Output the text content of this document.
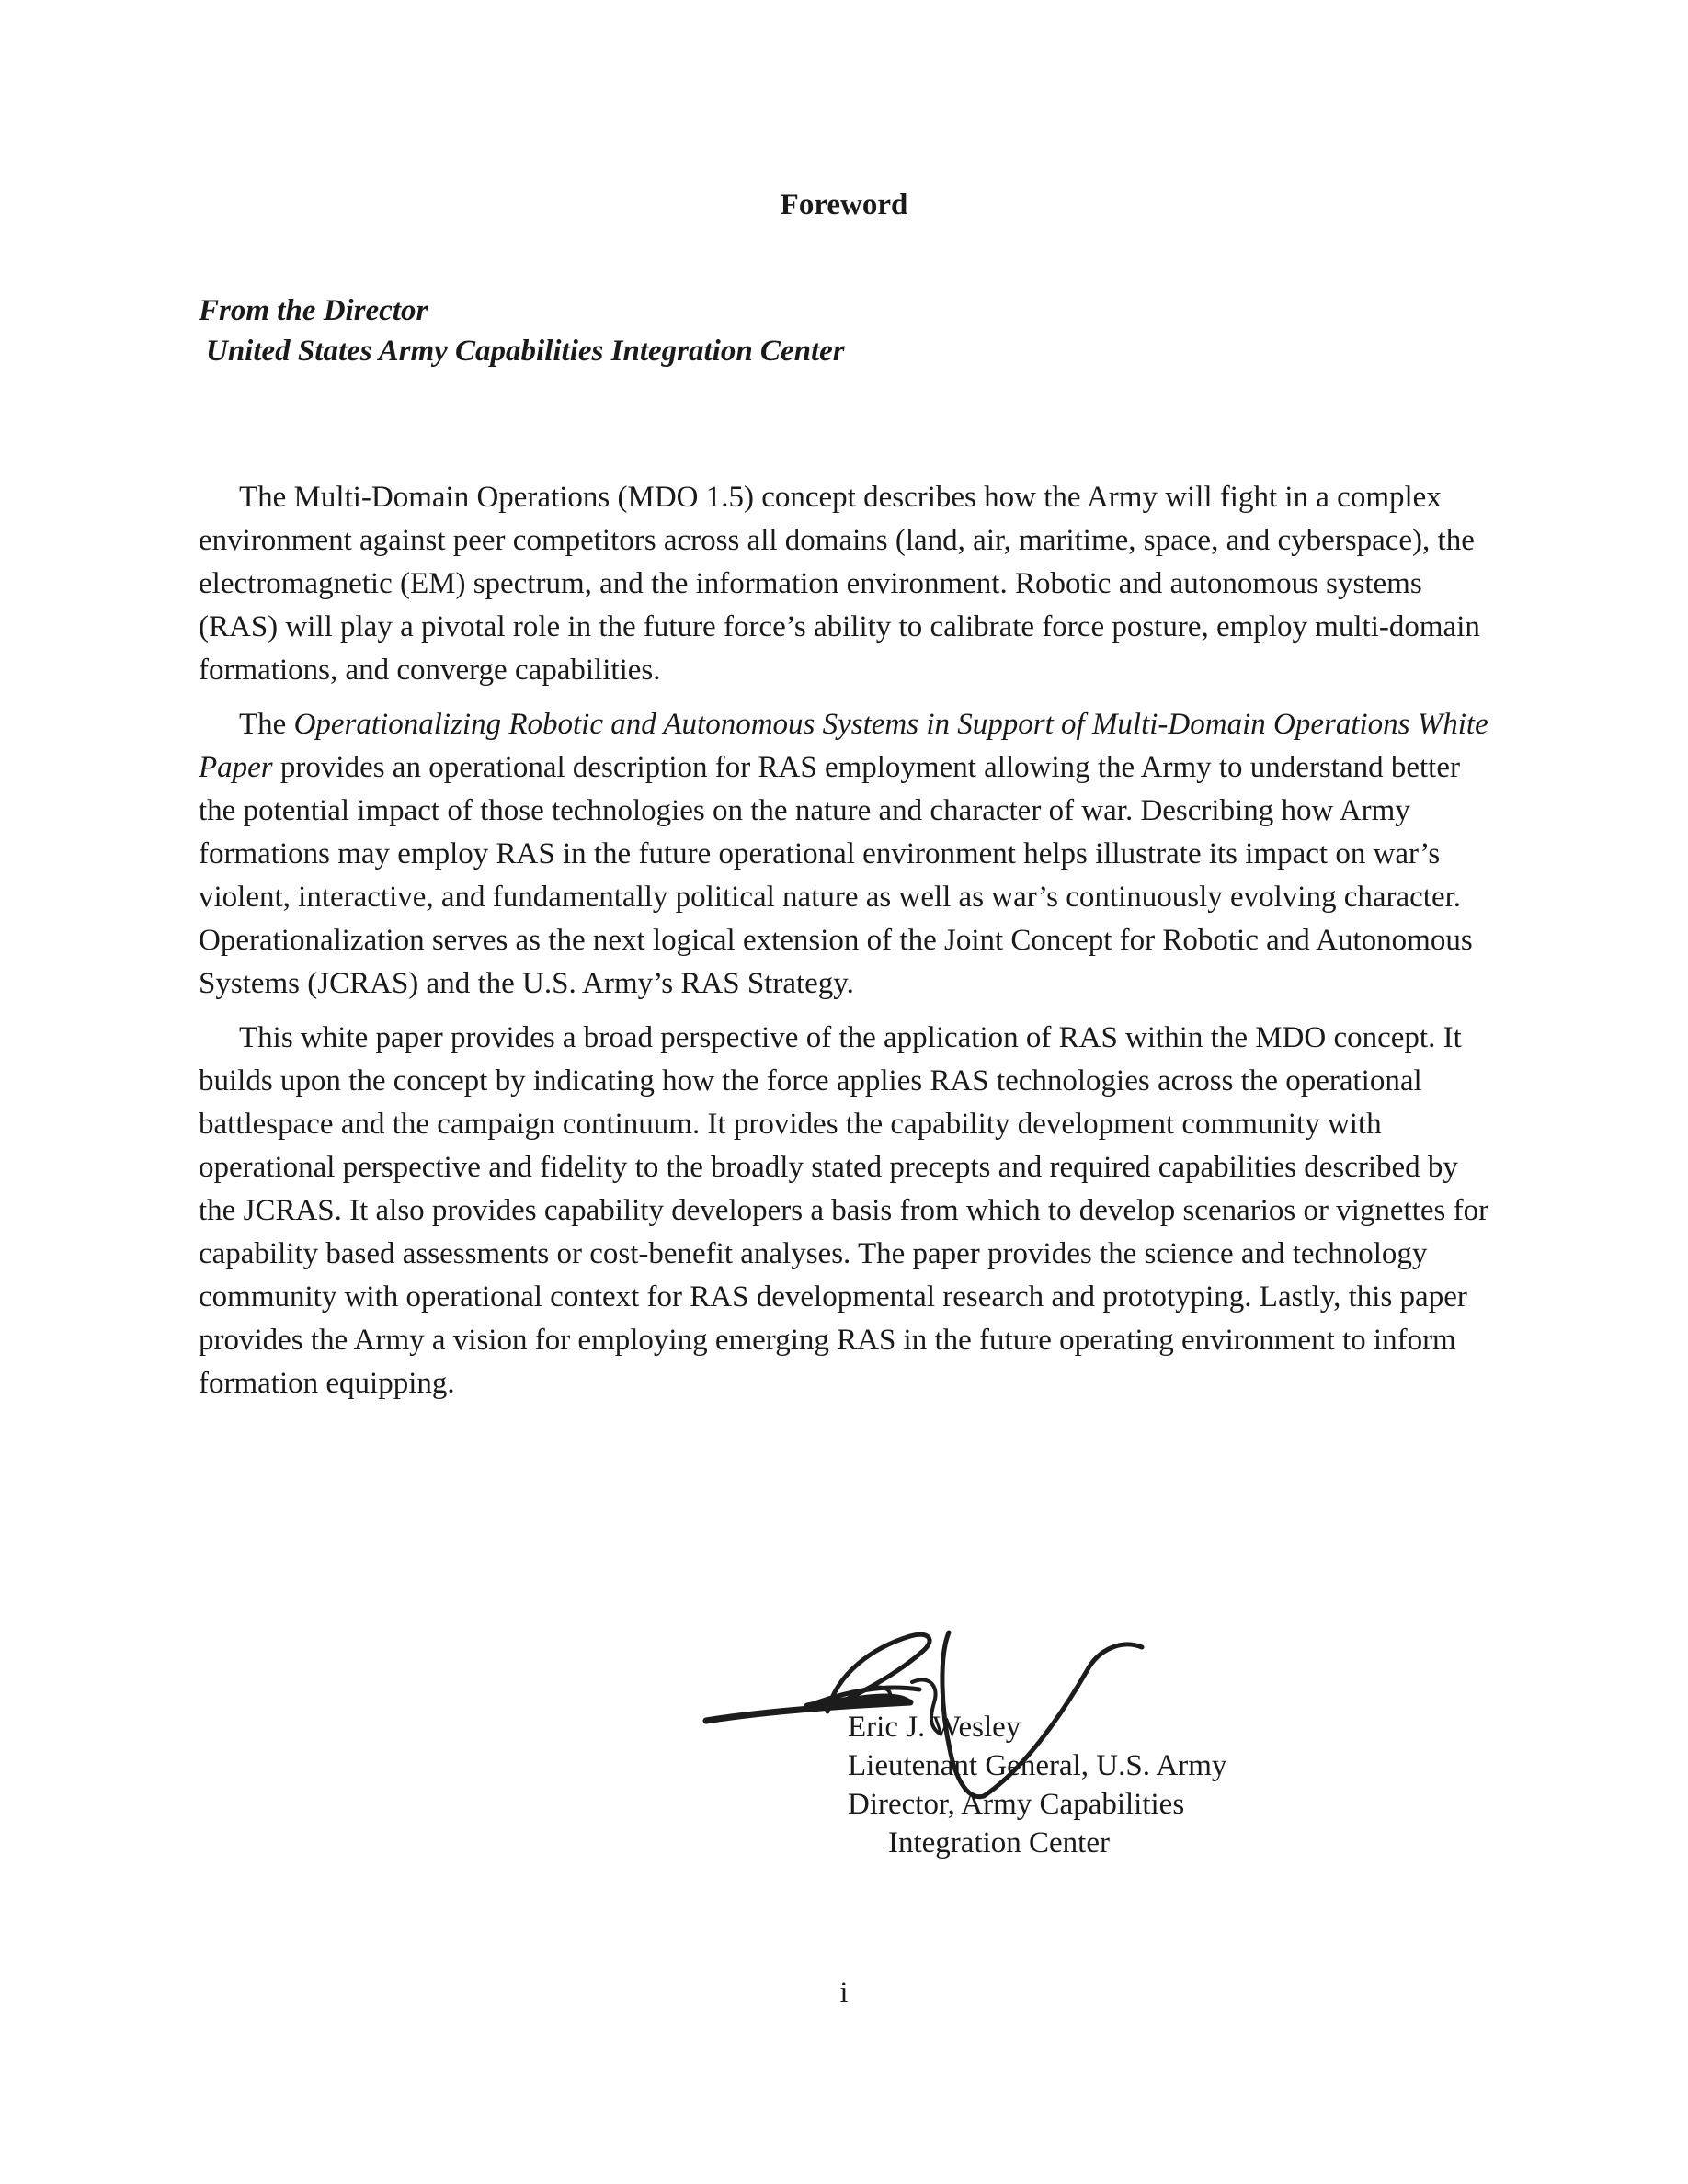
Foreword
From the Director
United States Army Capabilities Integration Center

The Multi-Domain Operations (MDO 1.5) concept describes how the Army will fight in a complex environment against peer competitors across all domains (land, air, maritime, space, and cyberspace), the electromagnetic (EM) spectrum, and the information environment. Robotic and autonomous systems (RAS) will play a pivotal role in the future force’s ability to calibrate force posture, employ multi-domain formations, and converge capabilities.

The Operationalizing Robotic and Autonomous Systems in Support of Multi-Domain Operations White Paper provides an operational description for RAS employment allowing the Army to understand better the potential impact of those technologies on the nature and character of war. Describing how Army formations may employ RAS in the future operational environment helps illustrate its impact on war’s violent, interactive, and fundamentally political nature as well as war’s continuously evolving character. Operationalization serves as the next logical extension of the Joint Concept for Robotic and Autonomous Systems (JCRAS) and the U.S. Army’s RAS Strategy.

This white paper provides a broad perspective of the application of RAS within the MDO concept. It builds upon the concept by indicating how the force applies RAS technologies across the operational battlespace and the campaign continuum. It provides the capability development community with operational perspective and fidelity to the broadly stated precepts and required capabilities described by the JCRAS. It also provides capability developers a basis from which to develop scenarios or vignettes for capability based assessments or cost-benefit analyses. The paper provides the science and technology community with operational context for RAS developmental research and prototyping. Lastly, this paper provides the Army a vision for employing emerging RAS in the future operating environment to inform formation equipping.

Eric J. Wesley
Lieutenant General, U.S. Army
Director, Army Capabilities
Integration Center
i
